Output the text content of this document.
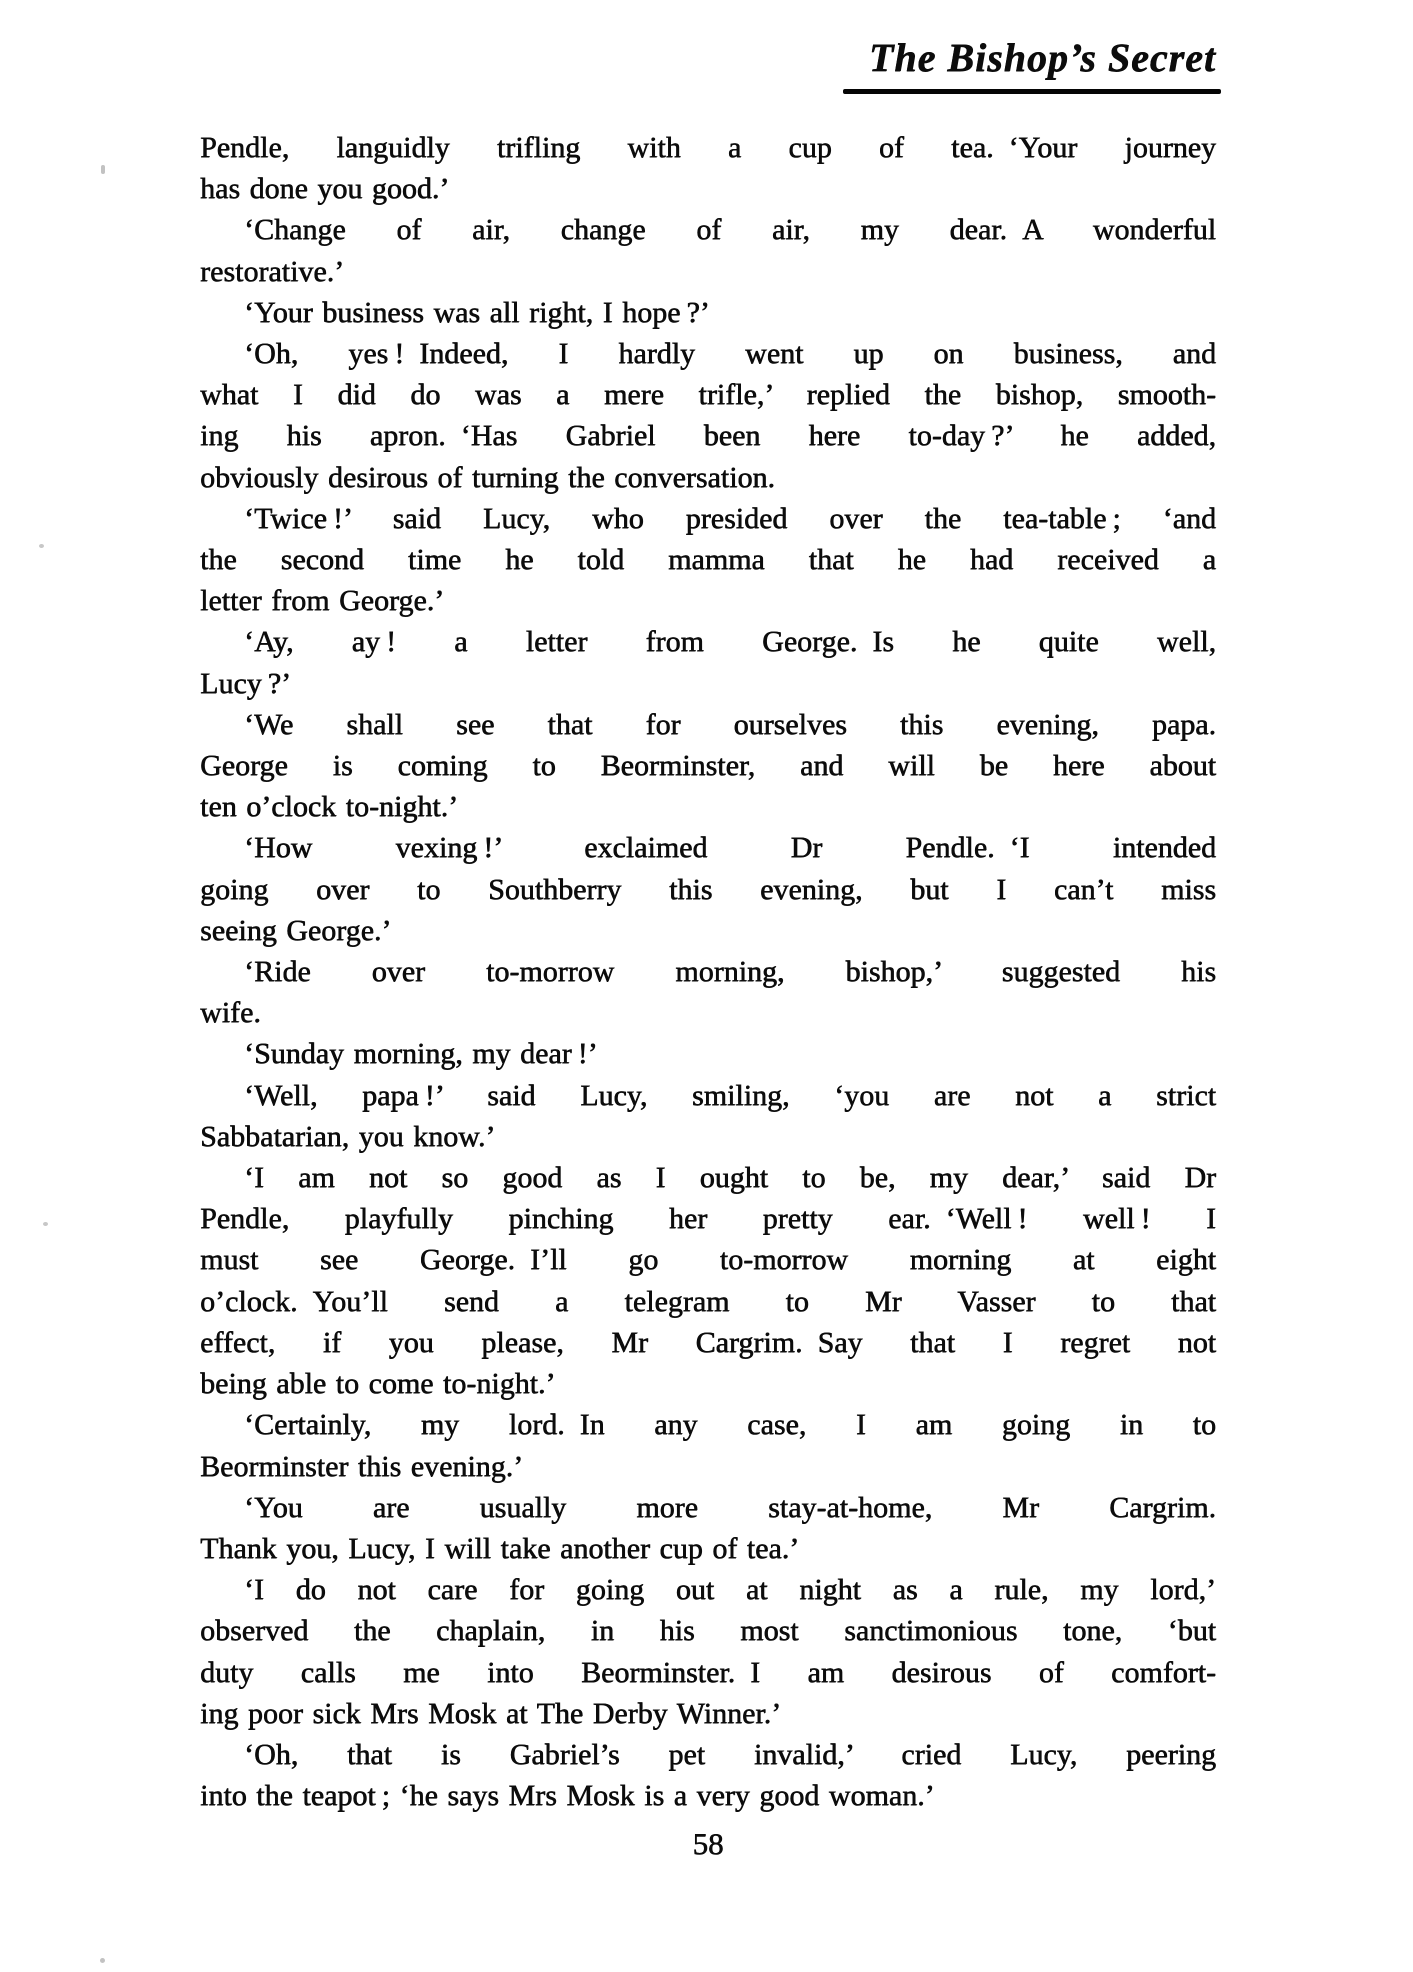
The Bishop’s Secret
Pendle, languidly trifling with a cup of tea. ‘Your journey
has done you good.’
‘Change of air, change of air, my dear. A wonderful
restorative.’
‘Your business was all right, I hope ?’
‘Oh, yes ! Indeed, I hardly went up on business, and
what I did do was a mere trifle,’ replied the bishop, smooth-
ing his apron. ‘Has Gabriel been here to-day ?’ he added,
obviously desirous of turning the conversation.
‘Twice !’ said Lucy, who presided over the tea-table ; ‘and
the second time he told mamma that he had received a
letter from George.’
‘Ay, ay ! a letter from George. Is he quite well,
Lucy ?’
‘We shall see that for ourselves this evening, papa.
George is coming to Beorminster, and will be here about
ten o’clock to-night.’
‘How vexing !’ exclaimed Dr Pendle. ‘I intended
going over to Southberry this evening, but I can’t miss
seeing George.’
‘Ride over to-morrow morning, bishop,’ suggested his
wife.
‘Sunday morning, my dear !’
‘Well, papa !’ said Lucy, smiling, ‘you are not a strict
Sabbatarian, you know.’
‘I am not so good as I ought to be, my dear,’ said Dr
Pendle, playfully pinching her pretty ear. ‘Well ! well ! I
must see George. I’ll go to-morrow morning at eight
o’clock. You’ll send a telegram to Mr Vasser to that
effect, if you please, Mr Cargrim. Say that I regret not
being able to come to-night.’
‘Certainly, my lord. In any case, I am going in to
Beorminster this evening.’
‘You are usually more stay-at-home, Mr Cargrim.
Thank you, Lucy, I will take another cup of tea.’
‘I do not care for going out at night as a rule, my lord,’
observed the chaplain, in his most sanctimonious tone, ‘but
duty calls me into Beorminster. I am desirous of comfort-
ing poor sick Mrs Mosk at The Derby Winner.’
‘Oh, that is Gabriel’s pet invalid,’ cried Lucy, peering
into the teapot ; ‘he says Mrs Mosk is a very good woman.’
58
